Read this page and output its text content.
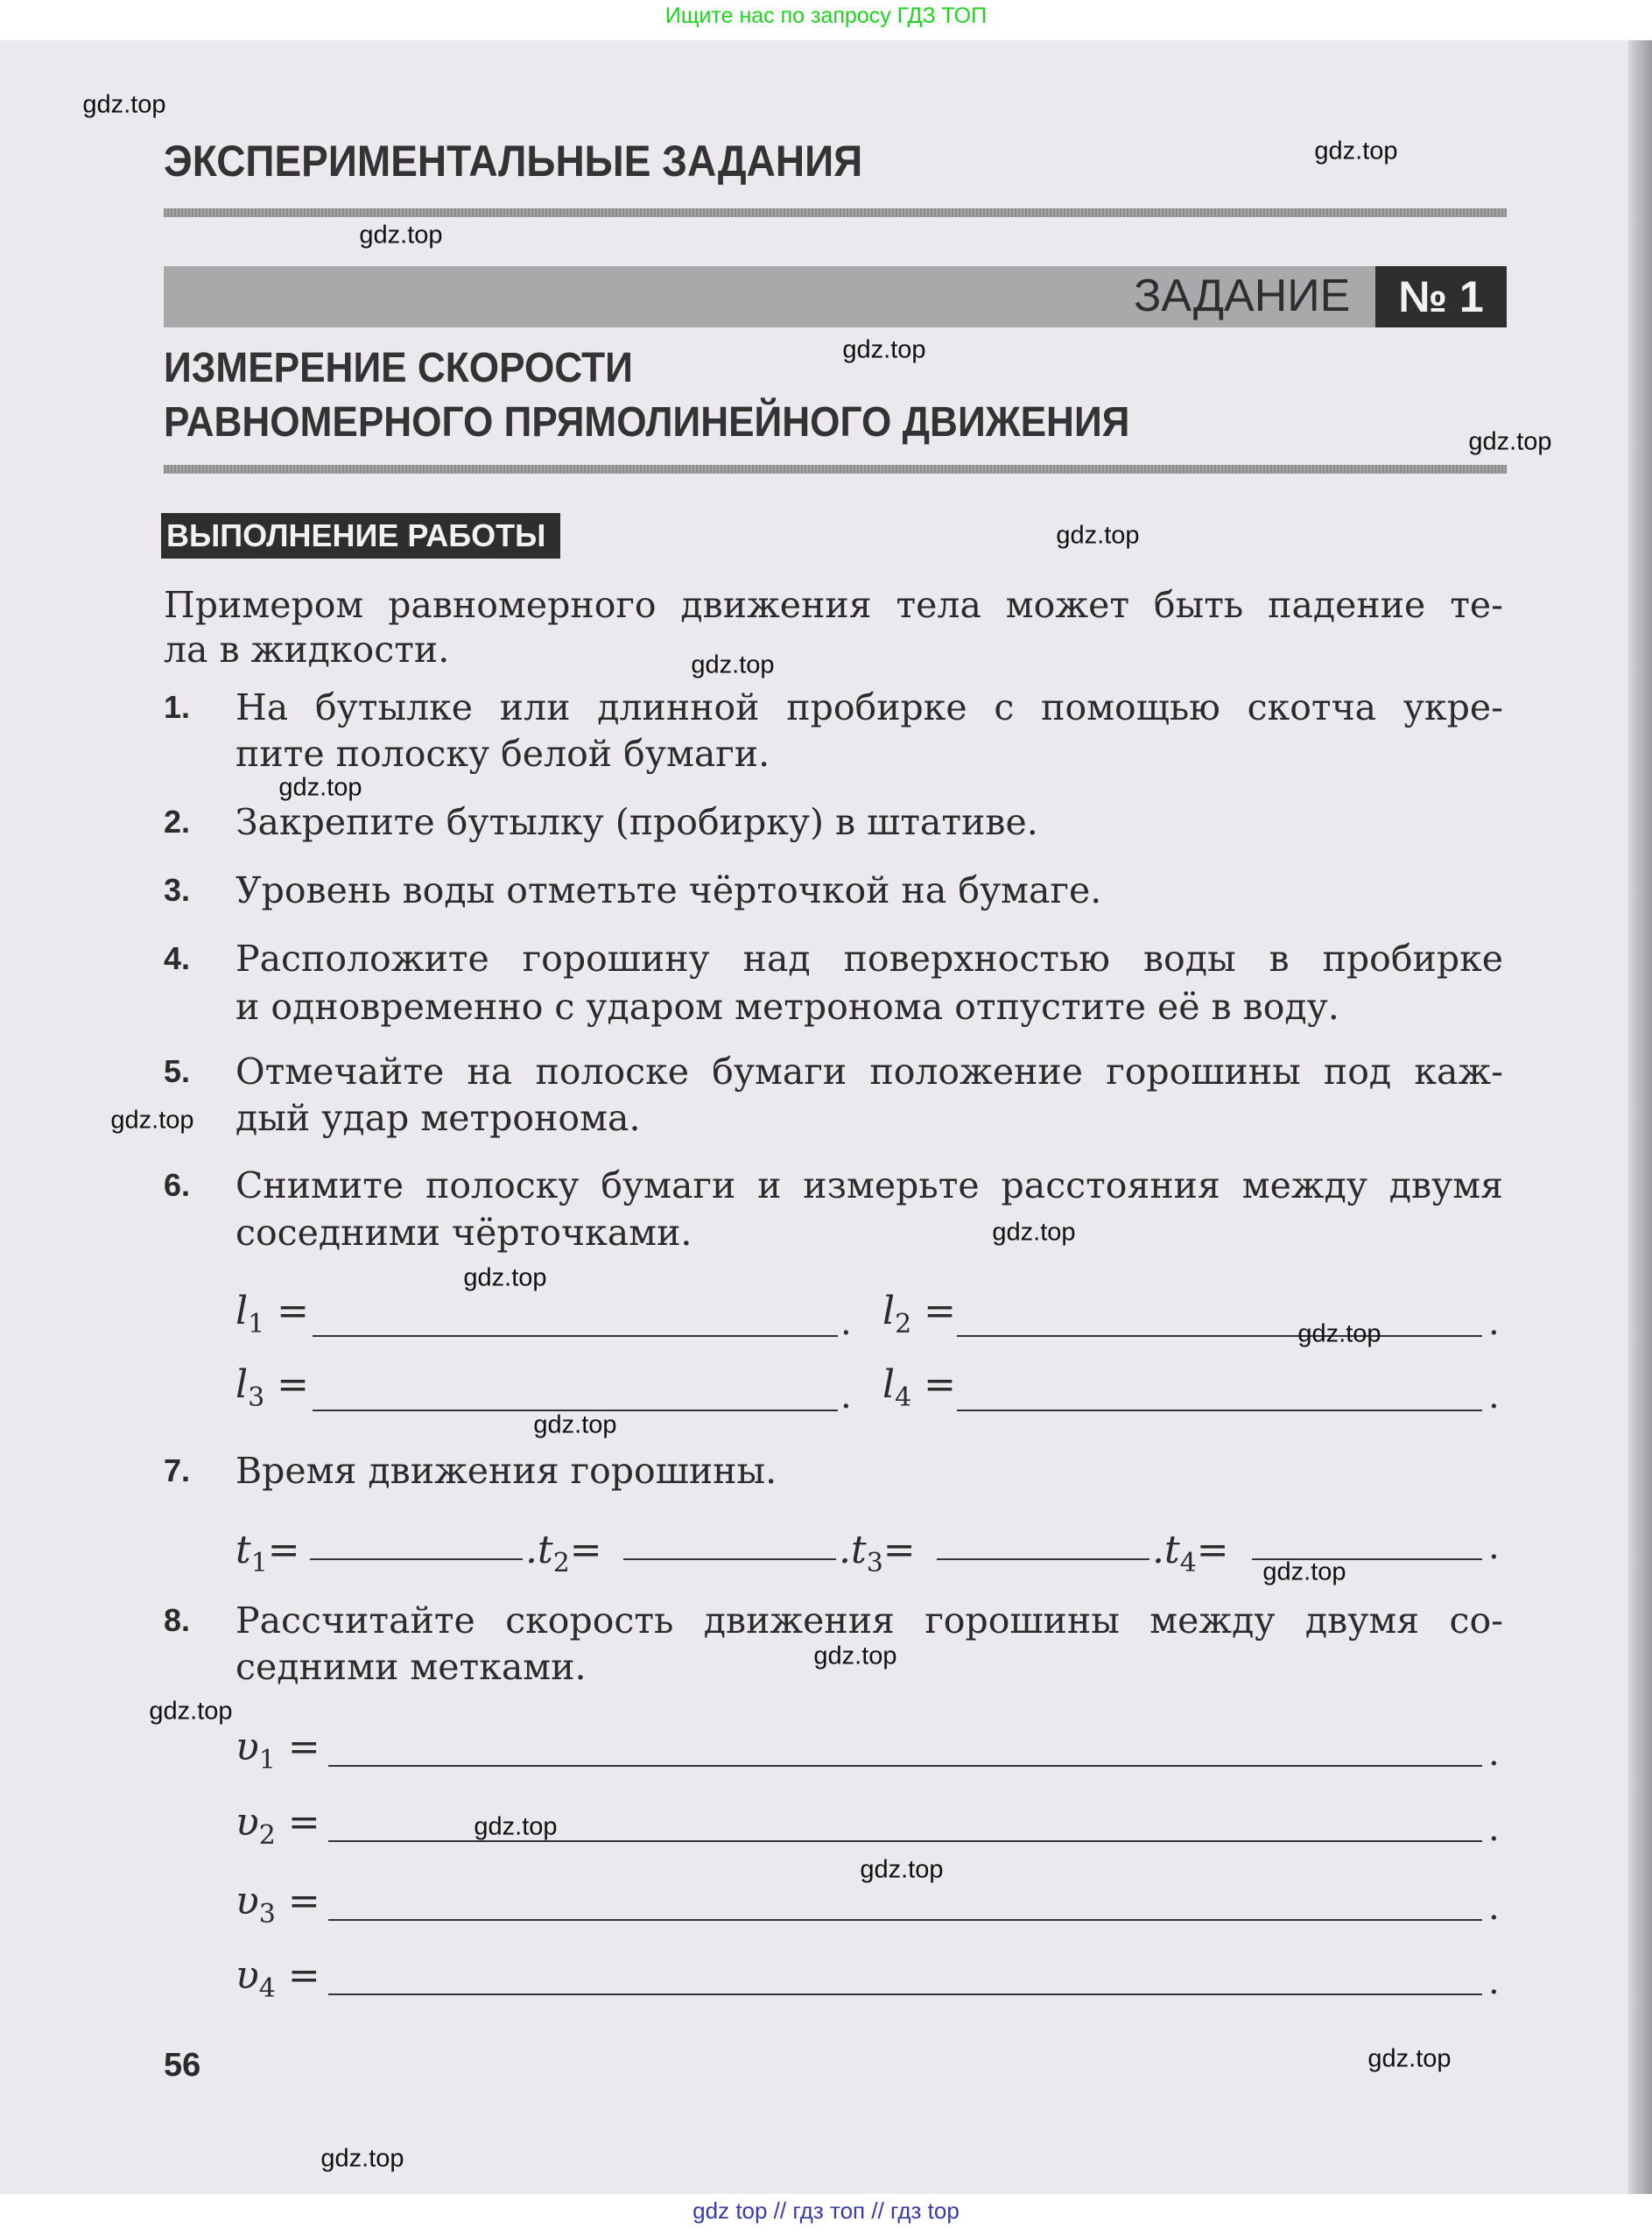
Ищите нас по запросу ГДЗ ТОП
ЭКСПЕРИМЕНТАЛЬНЫЕ ЗАДАНИЯ
ЗАДАНИЕ	№ 1
ИЗМЕРЕНИЕ СКОРОСТИ
РАВНОМЕРНОГО ПРЯМОЛИНЕЙНОГО ДВИЖЕНИЯ
ВЫПОЛНЕНИЕ РАБОТЫ
Примером равномерного движения тела может быть падение те-
ла в жидкости.
1. На бутылке или длинной пробирке с помощью скотча укре-
пите полоску белой бумаги.
2. Закрепите бутылку (пробирку) в штативе.
3. Уровень воды отметьте чёрточкой на бумаге.
4. Расположите горошину над поверхностью воды в пробирке
и одновременно с ударом метронома отпустите её в воду.
5. Отмечайте на полоске бумаги положение горошины под каж-
дый удар метронома.
6. Снимите полоску бумаги и измерьте расстояния между двумя
соседними чёрточками.
$l_1$ =	. $l_2$ =	.
$l_3$ =	. $l_4$ =	.
7. Время движения горошины.
$t_1=$	$.t_2=$	$.t_3=$	$.t_4=$	.
8. Рассчитайте скорость движения горошины между двумя со-
седними метками.
$\upsilon_1$ =	.
$\upsilon_2$ =	.
$\upsilon_3$ =	.
$\upsilon_4$ =	.
56
gdz.top
gdz.top
gdz.top
gdz.top
gdz.top
gdz.top
gdz.top
gdz.top
gdz.top
gdz.top
gdz.top
gdz.top
gdz.top
gdz.top
gdz.top
gdz.top
gdz.top
gdz.top
gdz.top
gdz.top
gdz top // гдз топ // гдз top
